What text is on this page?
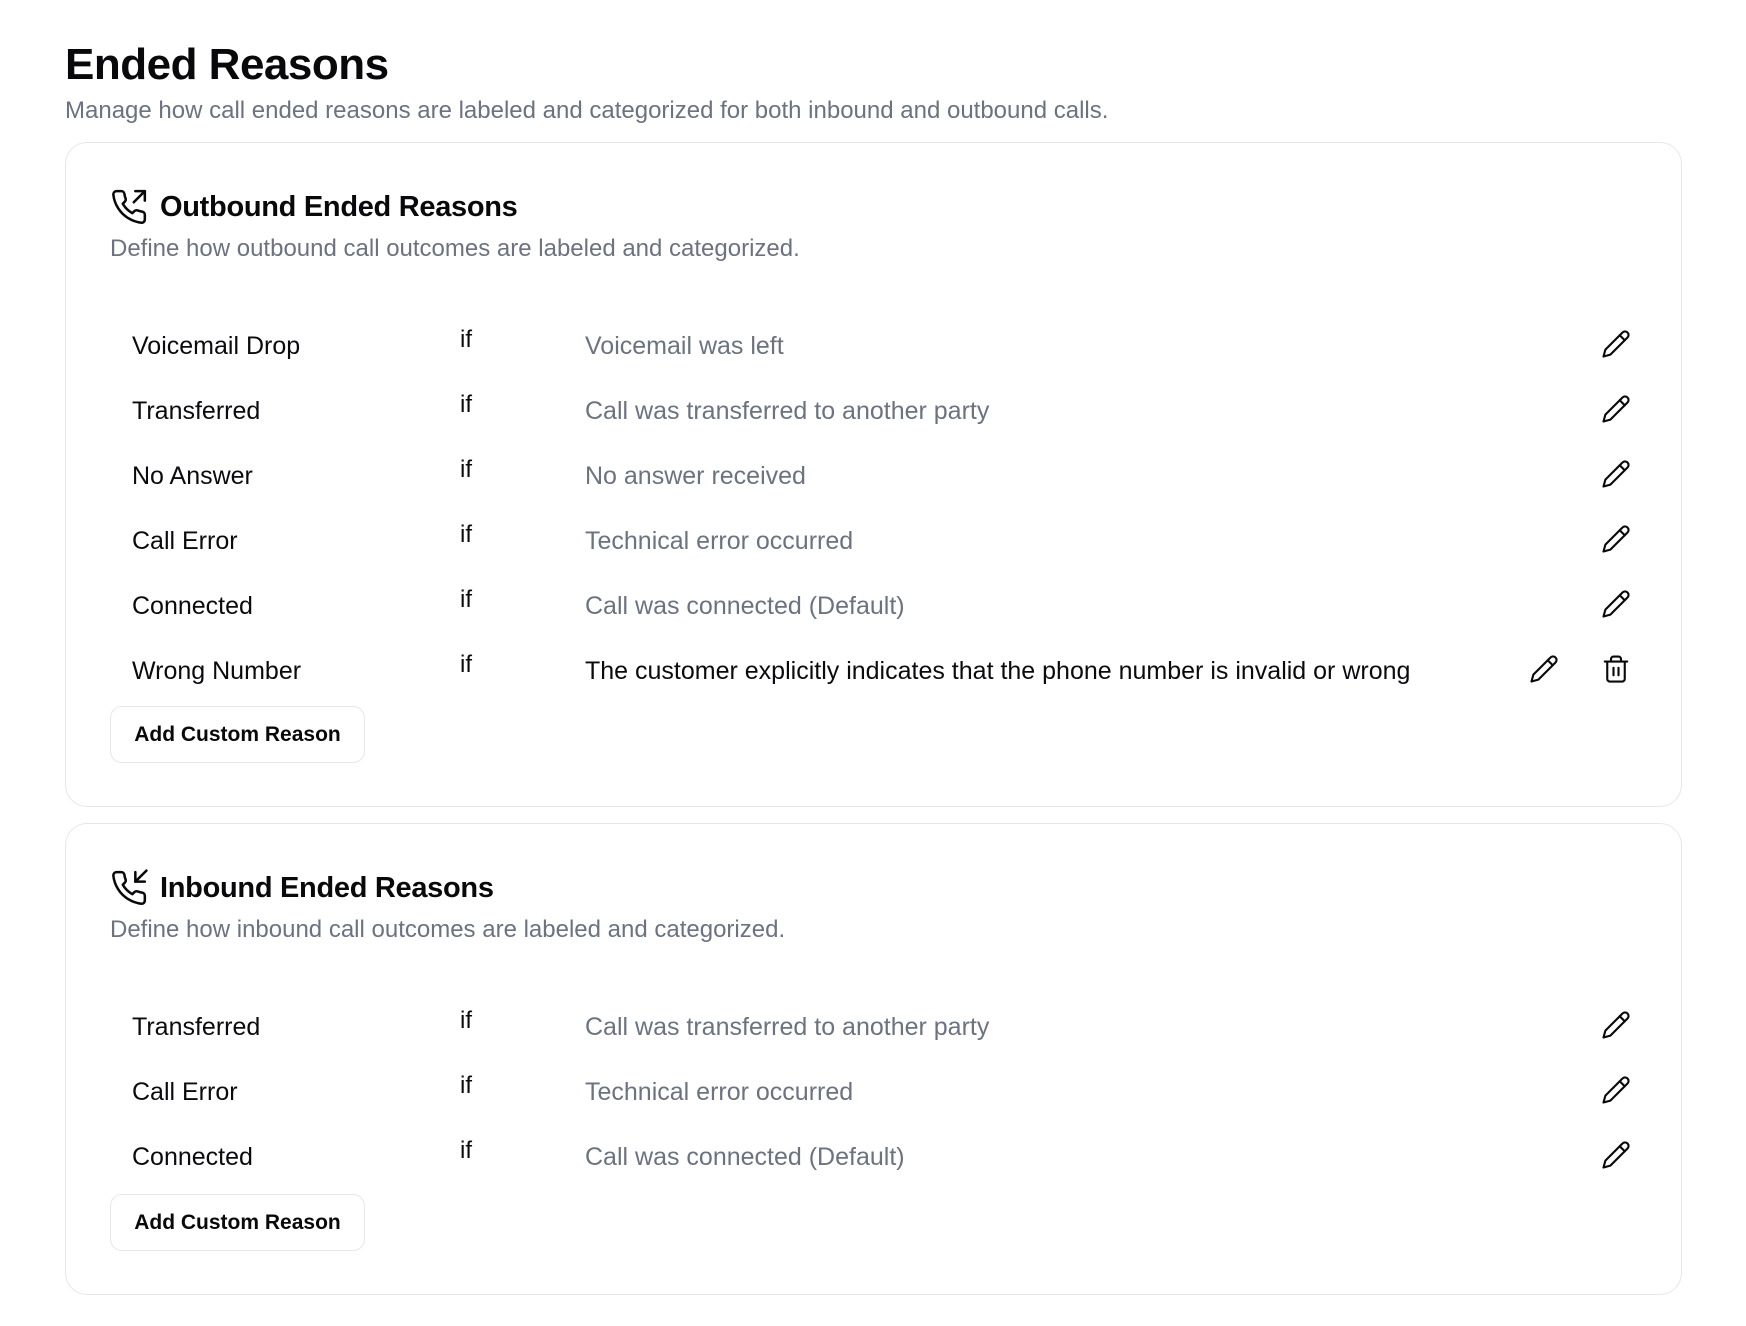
Ended Reasons

Manage how call ended reasons are labeled and categorized for both inbound and outbound calls.

Outbound Ended Reasons
Define how outbound call outcomes are labeled and categorized.
Voicemail Drop	if	Voicemail was left
Transferred	if	Call was transferred to another party
No Answer	if	No answer received
Call Error	if	Technical error occurred
Connected	if	Call was connected (Default)
Wrong Number	if	The customer explicitly indicates that the phone number is invalid or wrong
Add Custom Reason
Inbound Ended Reasons
Define how inbound call outcomes are labeled and categorized.
Transferred	if	Call was transferred to another party
Call Error	if	Technical error occurred
Connected	if	Call was connected (Default)
Add Custom Reason
